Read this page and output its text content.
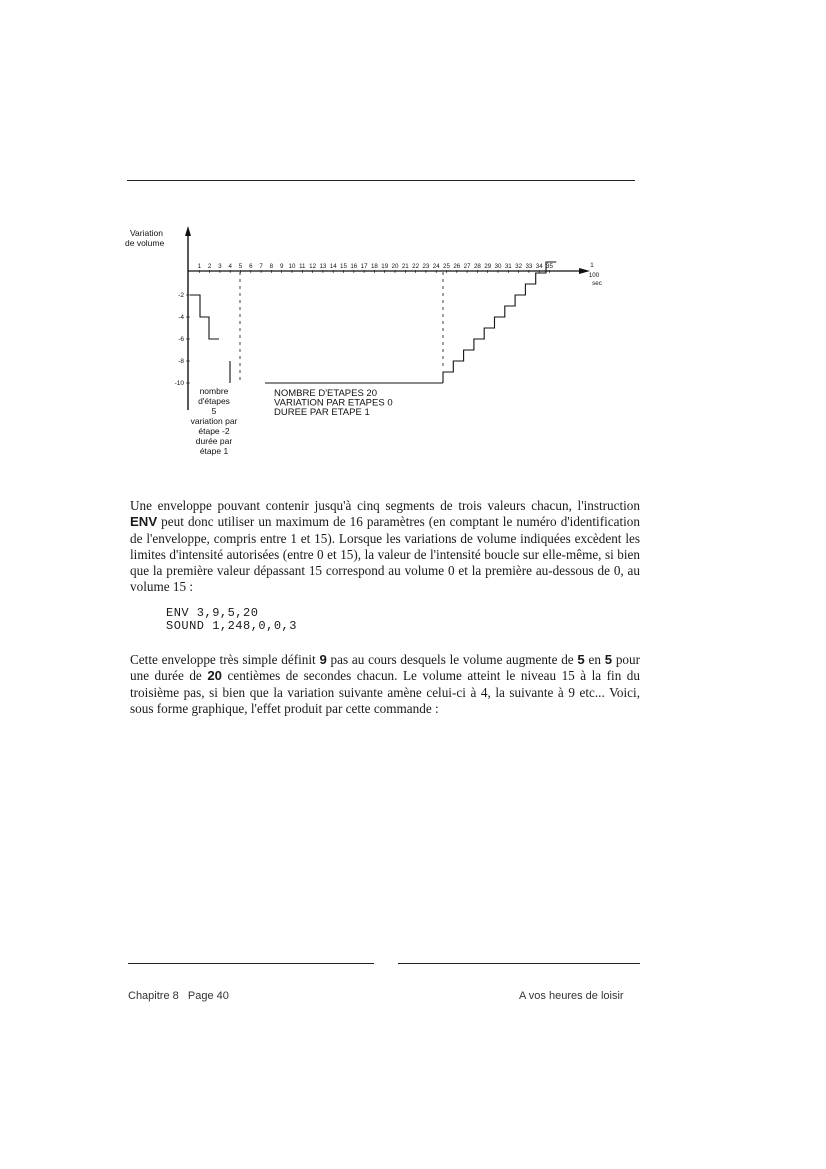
Variation
de volume
1 2 3 4 5 6 7 8 9 10 11 12 13 14 15 16 17 18 19 20 21 22 23 24 25 26 27 28 29 30 31 32 33 34 35
-2
-4
-6
-8
-10
1
100
sec
nombre
d'étapes
5
variation par
étape -2
durée par
étape 1
NOMBRE D'ETAPES 20
VARIATION PAR ETAPES 0
DUREE PAR ETAPE 1

Une enveloppe pouvant contenir jusqu'à cinq segments de trois valeurs chacun, l'instruction ENV peut donc utiliser un maximum de 16 paramètres (en comptant le numéro d'identification de l'enveloppe, compris entre 1 et 15). Lorsque les variations de volume indiquées excèdent les limites d'intensité autorisées (entre 0 et 15), la valeur de l'intensité boucle sur elle-même, si bien que la première valeur dépassant 15 correspond au volume 0 et la première au-dessous de 0, au volume 15 :

ENV 3,9,5,20
SOUND 1,248,0,0,3

Cette enveloppe très simple définit 9 pas au cours desquels le volume augmente de 5 en 5 pour une durée de 20 centièmes de secondes chacun. Le volume atteint le niveau 15 à la fin du troisième pas, si bien que la variation suivante amène celui-ci à 4, la suivante à 9 etc... Voici, sous forme graphique, l'effet produit par cette commande :

Chapitre 8   Page 40	A vos heures de loisir
